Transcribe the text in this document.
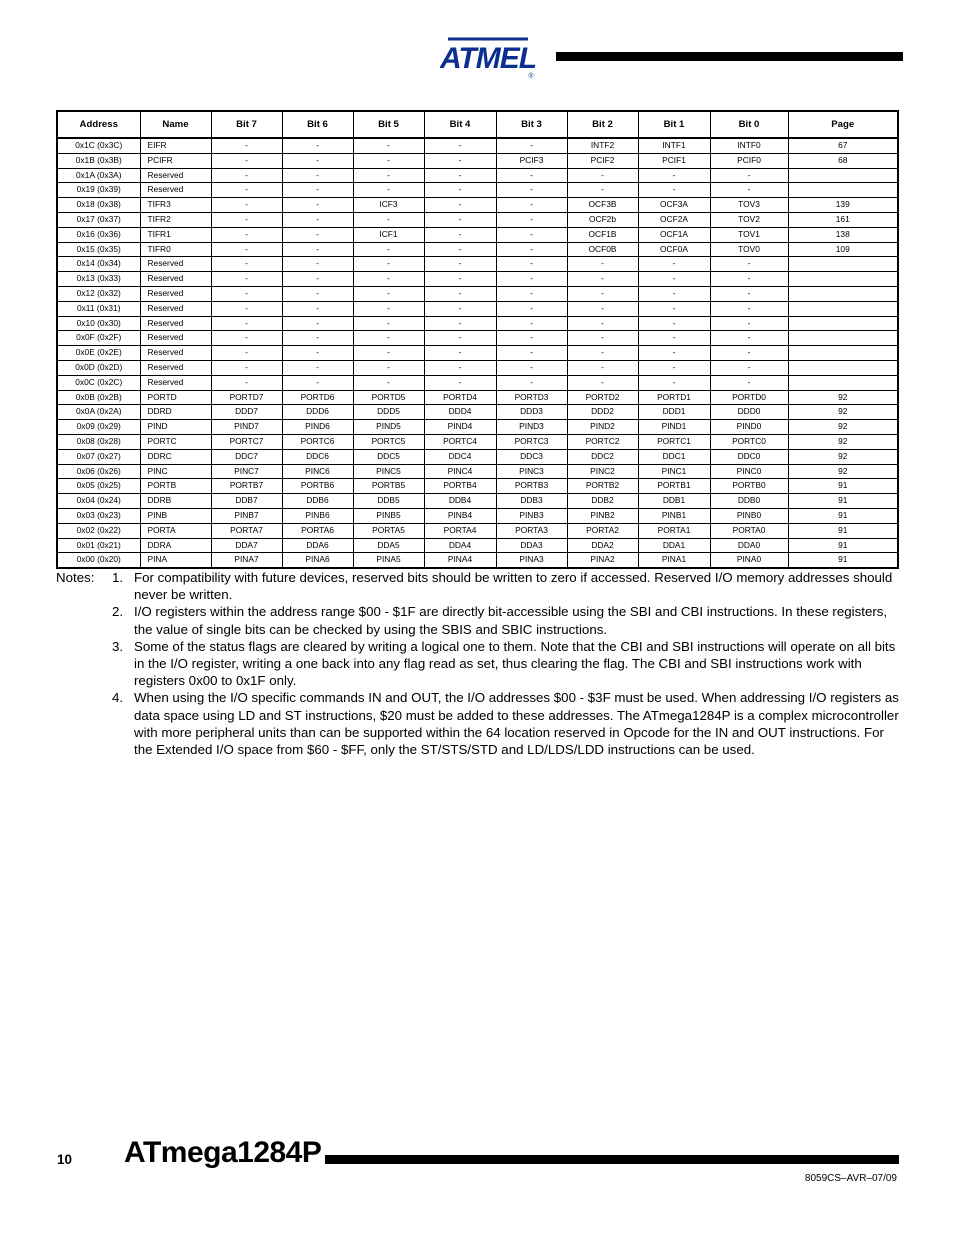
ATMEL
®
Address	Name	Bit 7	Bit 6	Bit 5	Bit 4	Bit 3	Bit 2	Bit 1	Bit 0	Page
0x1C (0x3C)	EIFR	-	-	-	-	-	INTF2	INTF1	INTF0	67
0x1B (0x3B)	PCIFR	-	-	-	-	PCIF3	PCIF2	PCIF1	PCIF0	68
0x1A (0x3A)	Reserved	-	-	-	-	-	-	-	-	
0x19 (0x39)	Reserved	-	-	-	-	-	-	-	-	
0x18 (0x38)	TIFR3	-	-	ICF3	-	-	OCF3B	OCF3A	TOV3	139
0x17 (0x37)	TIFR2	-	-	-	-	-	OCF2b	OCF2A	TOV2	161
0x16 (0x36)	TIFR1	-	-	ICF1	-	-	OCF1B	OCF1A	TOV1	138
0x15 (0x35)	TIFR0	-	-	-	-	-	OCF0B	OCF0A	TOV0	109
0x14 (0x34)	Reserved	-	-	-	-	-	-	-	-	
0x13 (0x33)	Reserved	-	-	-	-	-	-	-	-	
0x12 (0x32)	Reserved	-	-	-	-	-	-	-	-	
0x11 (0x31)	Reserved	-	-	-	-	-	-	-	-	
0x10 (0x30)	Reserved	-	-	-	-	-	-	-	-	
0x0F (0x2F)	Reserved	-	-	-	-	-	-	-	-	
0x0E (0x2E)	Reserved	-	-	-	-	-	-	-	-	
0x0D (0x2D)	Reserved	-	-	-	-	-	-	-	-	
0x0C (0x2C)	Reserved	-	-	-	-	-	-	-	-	
0x0B (0x2B)	PORTD	PORTD7	PORTD6	PORTD5	PORTD4	PORTD3	PORTD2	PORTD1	PORTD0	92
0x0A (0x2A)	DDRD	DDD7	DDD6	DDD5	DDD4	DDD3	DDD2	DDD1	DDD0	92
0x09 (0x29)	PIND	PIND7	PIND6	PIND5	PIND4	PIND3	PIND2	PIND1	PIND0	92
0x08 (0x28)	PORTC	PORTC7	PORTC6	PORTC5	PORTC4	PORTC3	PORTC2	PORTC1	PORTC0	92
0x07 (0x27)	DDRC	DDC7	DDC6	DDC5	DDC4	DDC3	DDC2	DDC1	DDC0	92
0x06 (0x26)	PINC	PINC7	PINC6	PINC5	PINC4	PINC3	PINC2	PINC1	PINC0	92
0x05 (0x25)	PORTB	PORTB7	PORTB6	PORTB5	PORTB4	PORTB3	PORTB2	PORTB1	PORTB0	91
0x04 (0x24)	DDRB	DDB7	DDB6	DDB5	DDB4	DDB3	DDB2	DDB1	DDB0	91
0x03 (0x23)	PINB	PINB7	PINB6	PINB5	PINB4	PINB3	PINB2	PINB1	PINB0	91
0x02 (0x22)	PORTA	PORTA7	PORTA6	PORTA5	PORTA4	PORTA3	PORTA2	PORTA1	PORTA0	91
0x01 (0x21)	DDRA	DDA7	DDA6	DDA5	DDA4	DDA3	DDA2	DDA1	DDA0	91
0x00 (0x20)	PINA	PINA7	PINA6	PINA5	PINA4	PINA3	PINA2	PINA1	PINA0	91
Notes: 1. For compatibility with future devices, reserved bits should be written to zero if accessed. Reserved I/O memory addresses should never be written.
2. I/O registers within the address range $00 - $1F are directly bit-accessible using the SBI and CBI instructions. In these registers, the value of single bits can be checked by using the SBIS and SBIC instructions.
3. Some of the status flags are cleared by writing a logical one to them. Note that the CBI and SBI instructions will operate on all bits in the I/O register, writing a one back into any flag read as set, thus clearing the flag. The CBI and SBI instructions work with registers 0x00 to 0x1F only.
4. When using the I/O specific commands IN and OUT, the I/O addresses $00 - $3F must be used. When addressing I/O registers as data space using LD and ST instructions, $20 must be added to these addresses. The ATmega1284P is a complex microcontroller with more peripheral units than can be supported within the 64 location reserved in Opcode for the IN and OUT instructions. For the Extended I/O space from $60 - $FF, only the ST/STS/STD and LD/LDS/LDD instructions can be used.
10 ATmega1284P
8059CS–AVR–07/09
